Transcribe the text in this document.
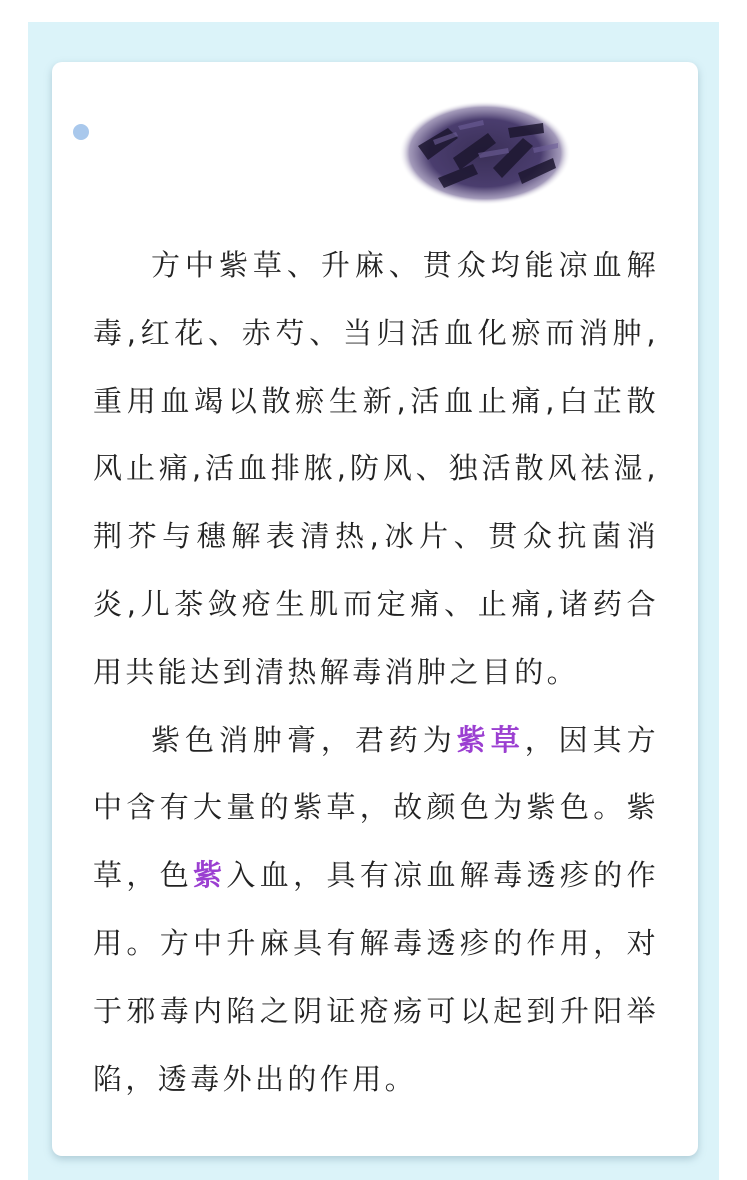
方中紫草、升麻、贯众均能凉血解毒,红花、赤芍、当归活血化瘀而消肿,重用血竭以散瘀生新,活血止痛,白芷散风止痛,活血排脓,防风、独活散风祛湿,荆芥与穗解表清热,冰片、贯众抗菌消炎,儿茶敛疮生肌而定痛、止痛,诸药合用共能达到清热解毒消肿之目的。

紫色消肿膏，君药为紫草，因其方中含有大量的紫草，故颜色为紫色。紫草，色紫入血，具有凉血解毒透疹的作用。方中升麻具有解毒透疹的作用，对于邪毒内陷之阴证疮疡可以起到升阳举陷，透毒外出的作用。
